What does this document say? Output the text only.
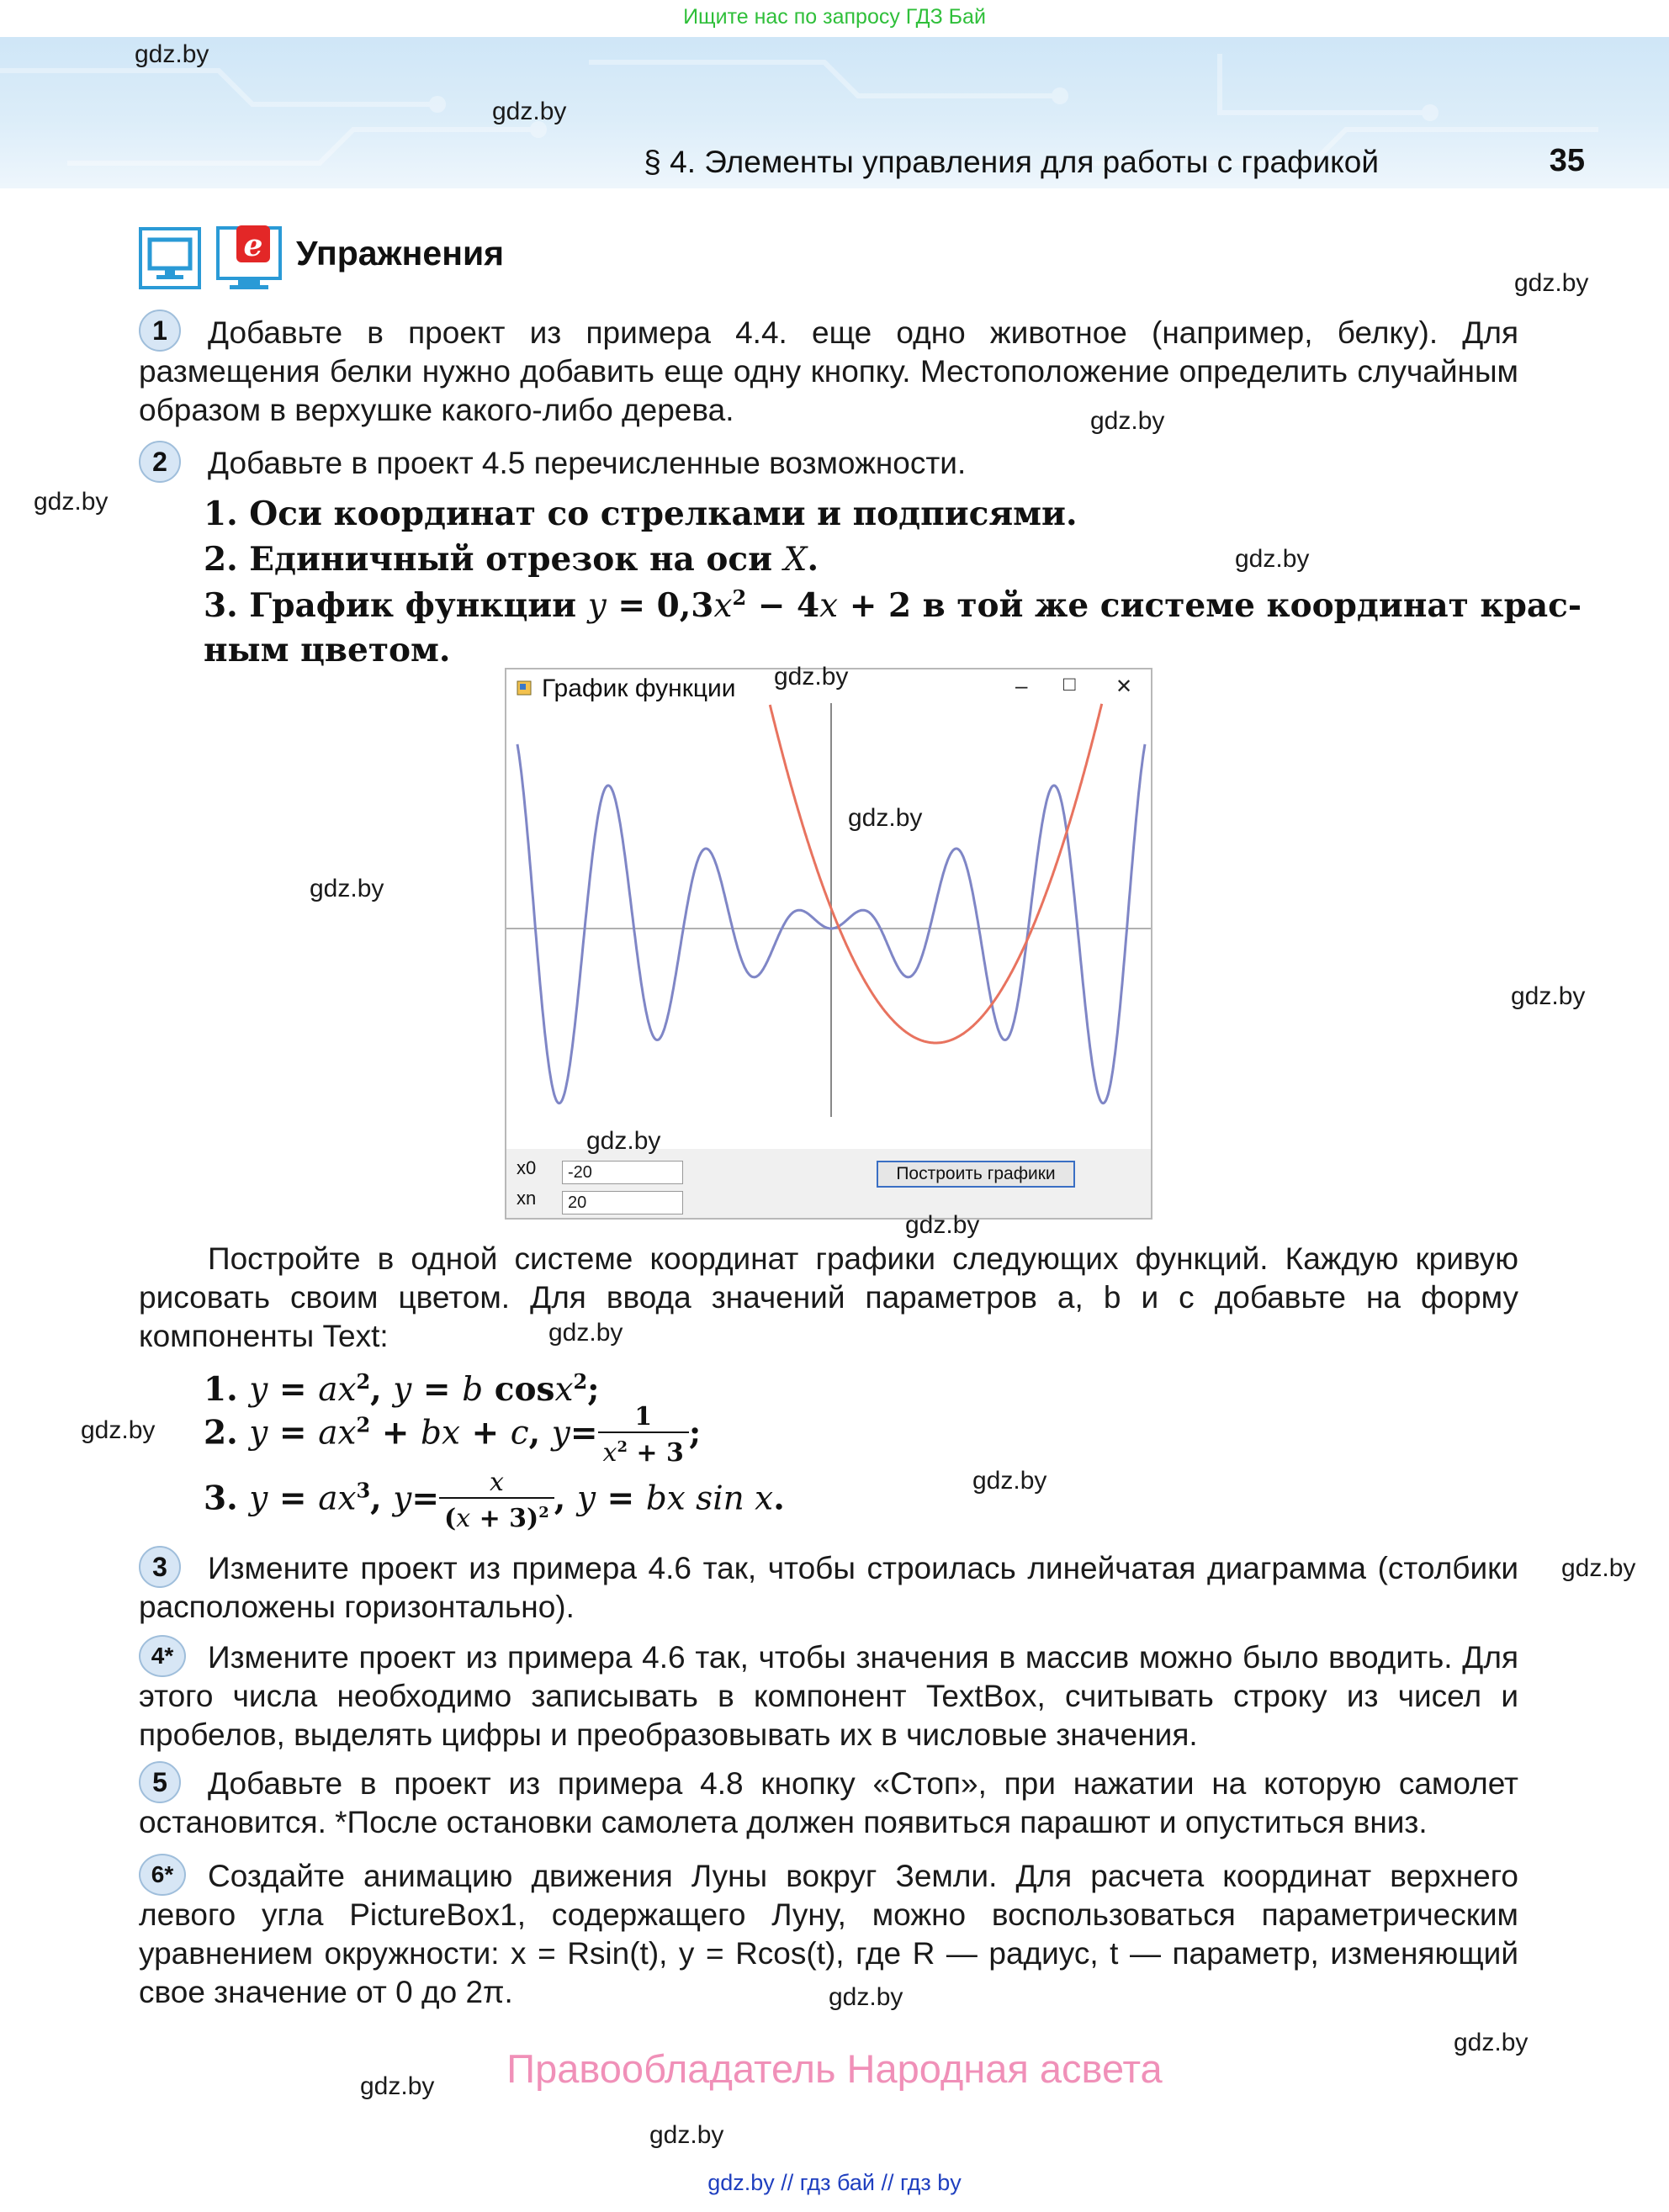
Ищите нас по запросу ГДЗ Бай
§ 4. Элементы управления для работы с графикой	35
e Упражнения
1	Добавьте в проект из примера 4.4. еще одно животное (например, белку). Для размещения белки нужно добавить еще одну кнопку. Местоположение определить случайным образом в верхушке какого-либо дерева.
2	Добавьте в проект 4.5 перечисленные возможности.
1. Оси координат со стрелками и подписями.
2. Единичный отрезок на оси X.
3. График функции $y = 0,3x^2 - 4x + 2$ в той же системе координат крас-
ным цветом.
График функции	– □ ✕
x0	-20
xn	20
Построить графики
Постройте в одной системе координат графики следующих функций. Каждую кривую рисовать своим цветом. Для ввода значений параметров a, b и c добавьте на форму компоненты Text:
1. $y = ax^2$, y = b cosx$^2$;
2. $y = ax^2$ + bx + c, $y= \frac{1}{x^2 + 3}$ ;
3. $y = ax^3$, $y= \frac{x}{(x + 3)^2}$ , y = bx sin x.
3	Измените проект из примера 4.6 так, чтобы строилась линейчатая диаграмма (столбики расположены горизонтально).
4*	Измените проект из примера 4.6 так, чтобы значения в массив можно было вводить. Для этого числа необходимо записывать в компонент TextBox, считывать строку из чисел и пробелов, выделять цифры и преобразовывать их в числовые значения.
5	Добавьте в проект из примера 4.8 кнопку «Стоп», при нажатии на которую самолет остановится. *После остановки самолета должен появиться парашют и опуститься вниз.
6*	Создайте анимацию движения Луны вокруг Земли. Для расчета координат верхнего левого угла PictureBox1, содержащего Луну, можно воспользоваться параметрическим уравнением окружности: x = Rsin(t), y = Rcos(t), где R — радиус, t — параметр, изменяющий свое значение от 0 до 2π.
gdz.by
gdz.by
gdz.by
gdz.by
gdz.by
gdz.by
gdz.by
gdz.by
gdz.by
gdz.by
gdz.by
gdz.by
gdz.by
gdz.by
gdz.by
gdz.by
gdz.by
gdz.by
gdz.by
gdz.by
Правообладатель Народная асвета
gdz.by // гдз бай // гдз by
